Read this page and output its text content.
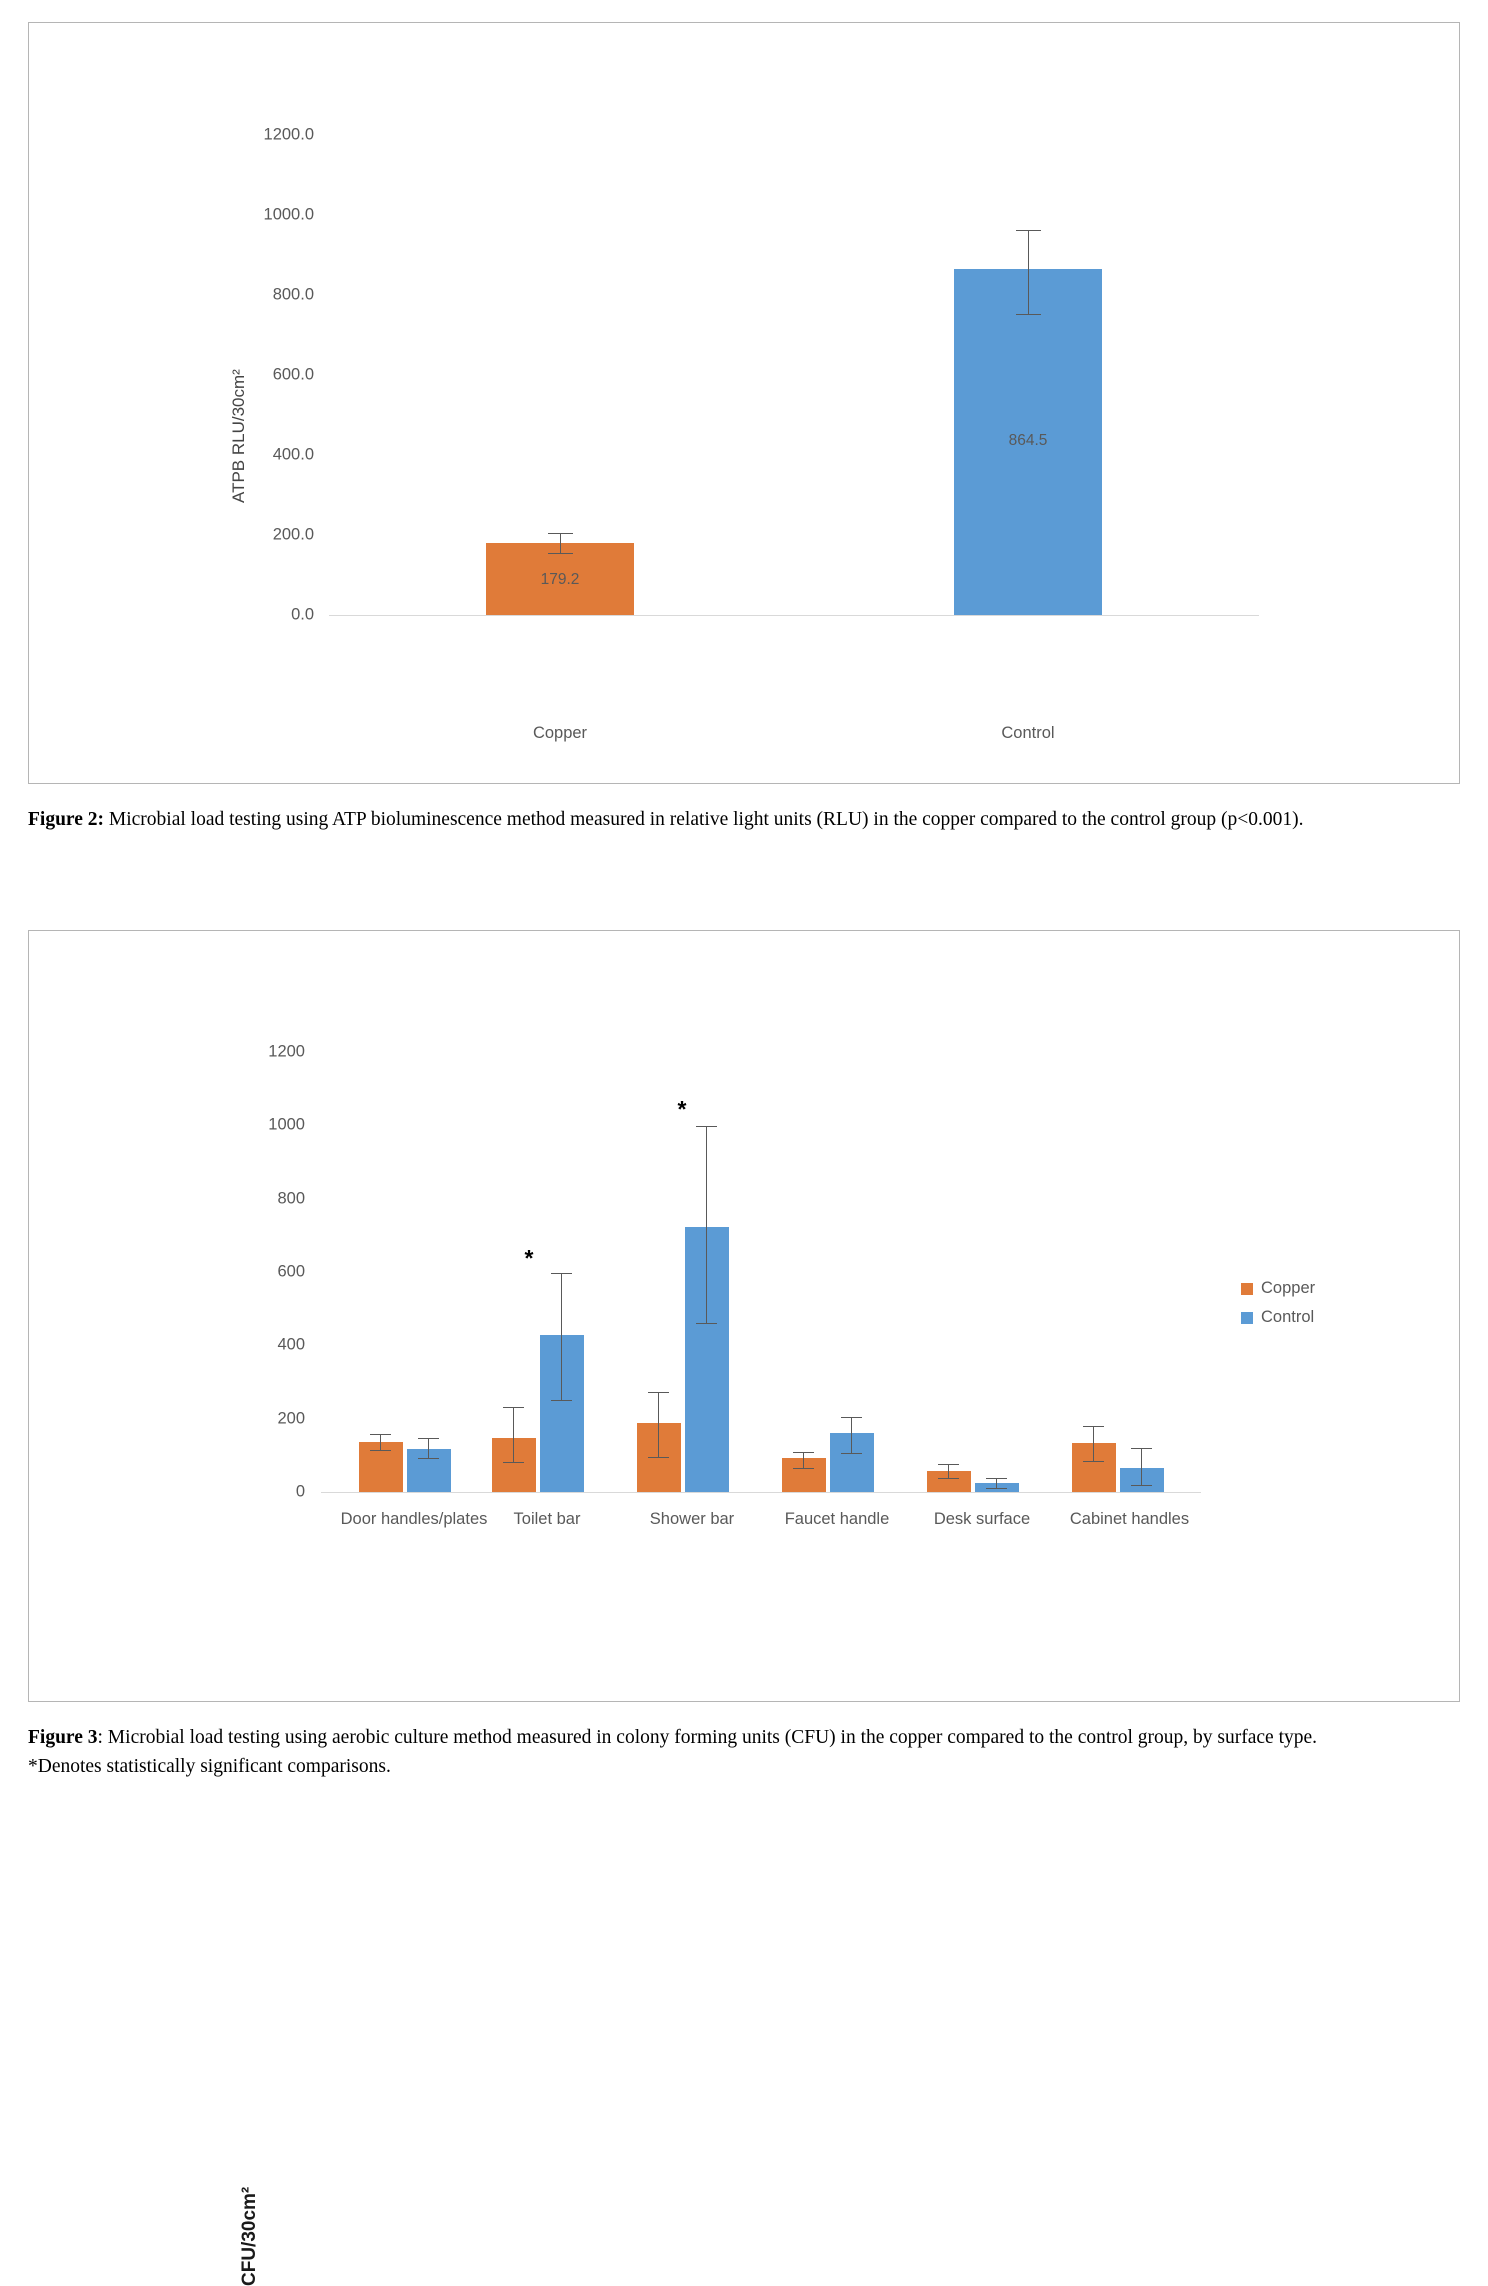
ATPB RLU/30cm²
0.0
200.0
400.0
600.0
800.0
1000.0
1200.0
179.2
864.5
Copper	Control
Figure 2: Microbial load testing using ATP bioluminescence method measured in relative light units (RLU) in the copper compared to the control group (p<0.001).
CFU/30cm²
0
200
400
600
800
1000
1200
Door handles/plates
*
Toilet bar
*
Shower bar	Faucet handle	Desk surface	Cabinet handles
Copper
Control
Figure 3: Microbial load testing using aerobic culture method measured in colony forming units (CFU) in the copper compared to the control group, by surface type.
*Denotes statistically significant comparisons.
